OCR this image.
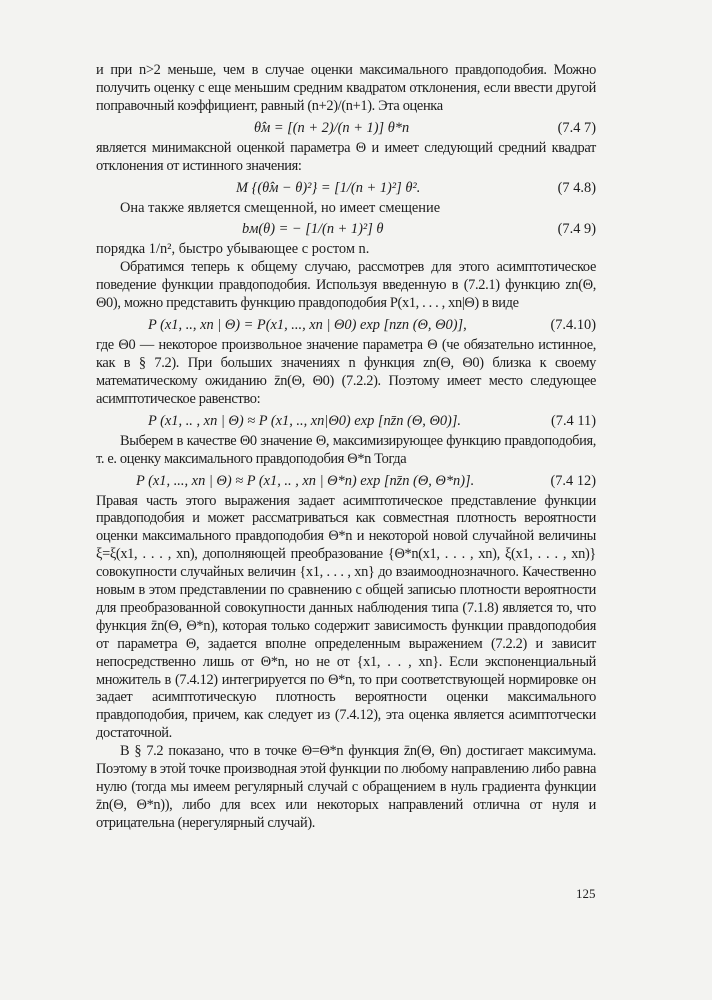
и при n>2 меньше, чем в случае оценки максимального правдоподобия. Можно получить оценку с еще меньшим средним квадратом отклонения, если ввести другой поправочный коэффициент, равный (n+2)/(n+1). Эта оценка

θ̂м = [(n + 2)/(n + 1)] θ*n	(7.4 7)

является минимаксной оценкой параметра Θ и имеет следующий средний квадрат отклонения от истинного значения:

M {(θ̂м − θ)²} = [1/(n + 1)²] θ².	(7 4.8)

Она также является смещенной, но имеет смещение

bм(θ) = − [1/(n + 1)²] θ	(7.4 9)

порядка 1/n², быстро убывающее с ростом n.

Обратимся теперь к общему случаю, рассмотрев для этого асимптотическое поведение функции правдоподобия. Используя введенную в (7.2.1) функцию zn(Θ, Θ0), можно представить функцию правдоподобия P(x1, . . . , xn|Θ) в виде

P (x1, .., xn | Θ) = P(x1, ..., xn | Θ0) exp [nzn (Θ, Θ0)],	(7.4.10)

где Θ0 — некоторое произвольное значение параметра Θ (че обязательно истинное, как в § 7.2). При больших значениях n функция zn(Θ, Θ0) близка к своему математическому ожиданию z̄n(Θ, Θ0) (7.2.2). Поэтому имеет место следующее асимптотическое равенство:

P (x1, .. , xn | Θ) ≈ P (x1, .., xn|Θ0) exp [nz̄n (Θ, Θ0)].	(7.4 11)

Выберем в качестве Θ0 значение Θ, максимизирующее функцию правдоподобия, т. е. оценку максимального правдоподобия Θ*n Тогда

P (x1, ..., xn | Θ) ≈ P (x1, .. , xn | Θ*n) exp [nz̄n (Θ, Θ*n)].	(7.4 12)

Правая часть этого выражения задает асимптотическое представление функции правдоподобия и может рассматриваться как совместная плотность вероятности оценки максимального правдоподобия Θ*n и некоторой новой случайной величины ξ=ξ(x1, . . . , xn), дополняющей преобразование {Θ*n(x1, . . . , xn), ξ(x1, . . . , xn)} совокупности случайных величин {x1, . . . , xn} до взаимооднозначного. Качественно новым в этом представлении по сравнению с общей записью плотности вероятности для преобразованной совокупности данных наблюдения типа (7.1.8) является то, что функция z̄n(Θ, Θ*n), которая только содержит зависимость функции правдоподобия от параметра Θ, задается вполне определенным выражением (7.2.2) и зависит непосредственно лишь от Θ*n, но не от {x1, . . , xn}. Если экспоненциальный множитель в (7.4.12) интегрируется по Θ*n, то при соответствующей нормировке он задает асимптотическую плотность вероятности оценки максимального правдоподобия, причем, как следует из (7.4.12), эта оценка является асимптотчески достаточной.

В § 7.2 показано, что в точке Θ=Θ*n функция z̄n(Θ, Θn) достигает максимума. Поэтому в этой точке производная этой функции по любому направлению либо равна нулю (тогда мы имеем регулярный случай с обращением в нуль градиента функции z̄n(Θ, Θ*n)), либо для всех или некоторых направлений отлична от нуля и отрицательна (нерегулярный случай).

125
